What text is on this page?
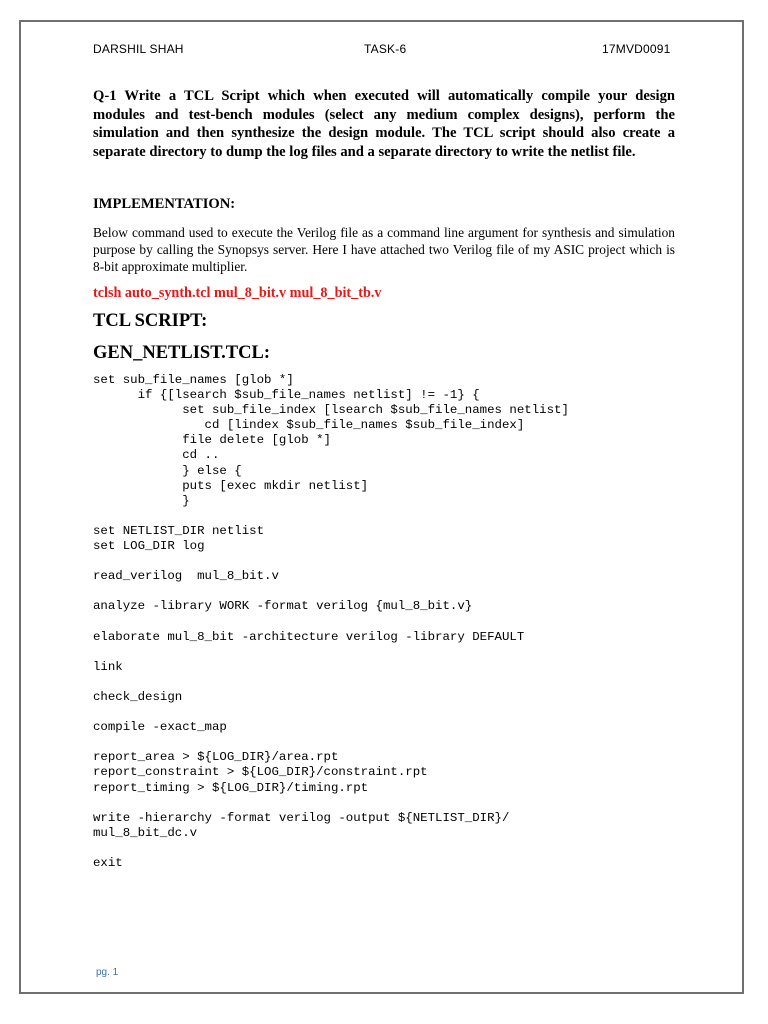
DARSHIL SHAH	TASK-6	17MVD0091
Q-1 Write a TCL Script which when executed will automatically compile your design modules and test-bench modules (select any medium complex designs), perform the simulation and then synthesize the design module. The TCL script should also create a separate directory to dump the log files and a separate directory to write the netlist file.
IMPLEMENTATION:
Below command used to execute the Verilog file as a command line argument for synthesis and simulation purpose by calling the Synopsys server. Here I have attached two Verilog file of my ASIC project which is 8-bit approximate multiplier.
tclsh auto_synth.tcl mul_8_bit.v mul_8_bit_tb.v
TCL SCRIPT:
GEN_NETLIST.TCL:
set sub_file_names [glob *]
if {[lsearch $sub_file_names netlist] != -1} {
set sub_file_index [lsearch $sub_file_names netlist]
cd [lindex $sub_file_names $sub_file_index]
file delete [glob *]
cd ..
} else {
puts [exec mkdir netlist]
}
set NETLIST_DIR netlist
set LOG_DIR log
read_verilog  mul_8_bit.v
analyze -library WORK -format verilog {mul_8_bit.v}
elaborate mul_8_bit -architecture verilog -library DEFAULT
link
check_design
compile -exact_map
report_area > ${LOG_DIR}/area.rpt
report_constraint > ${LOG_DIR}/constraint.rpt
report_timing > ${LOG_DIR}/timing.rpt
write -hierarchy -format verilog -output ${NETLIST_DIR}/
mul_8_bit_dc.v
exit
pg. 1
